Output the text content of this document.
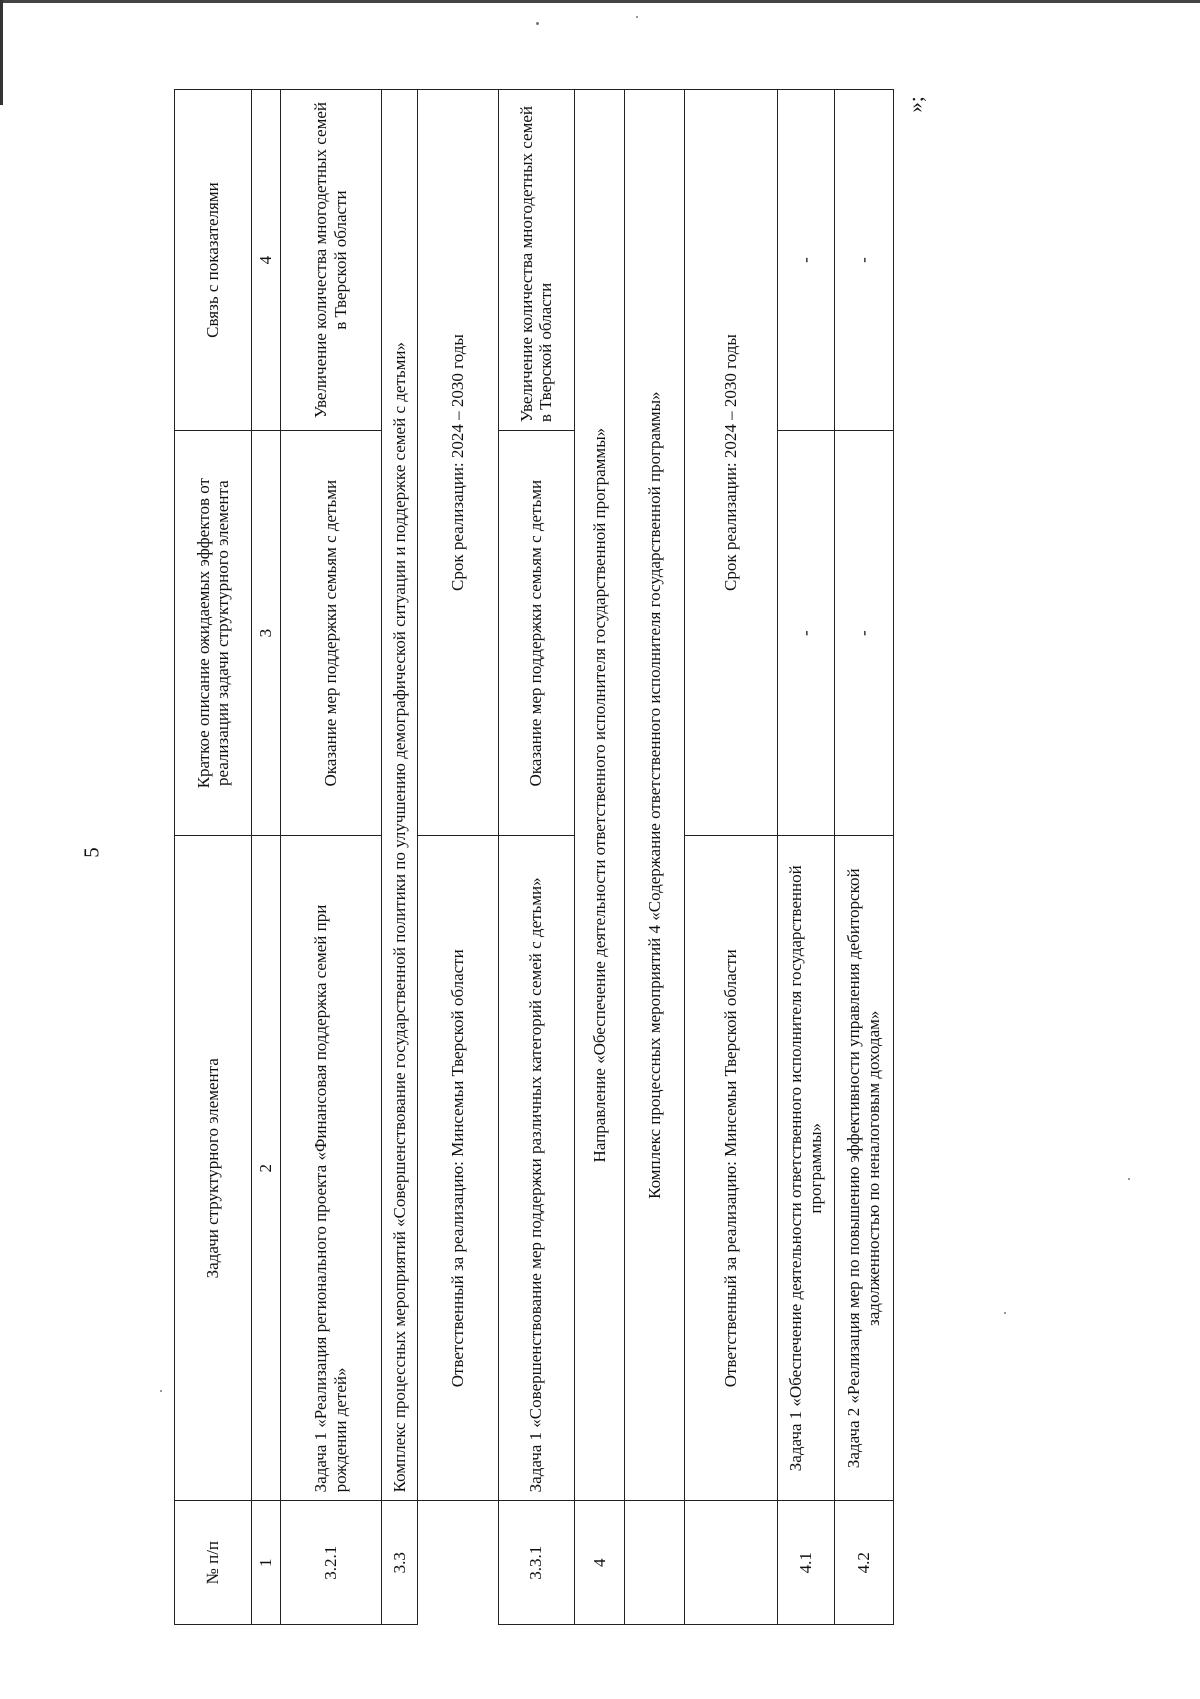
5
№ п/п	Задачи структурного элемента	Краткое описание ожидаемых эффектов от реализации задачи структурного элемента	Связь с показателями
1	2	3	4
3.2.1	Задача 1 «Реализация регионального проекта «Финансовая поддержка семей при рождении детей»	Оказание мер поддержки семьям с детьми	Увеличение количества многодетных семей в Тверской области
3.3	Комплекс процессных мероприятий «Совершенствование государственной политики по улучшению демографической ситуации и поддержке семей с детьми»		
	Ответственный за реализацию: Минсемьи Тверской области	Срок реализации: 2024 – 2030 годы	
3.3.1	Задача 1 «Совершенствование мер поддержки различных категорий семей с детьми»	Оказание мер поддержки семьям с детьми	Увеличение количества многодетных семей в Тверской области
4	Направление «Обеспечение деятельности ответственного исполнителя государственной программы»		
	Комплекс процессных мероприятий 4 «Содержание ответственного исполнителя государственной программы»		
	Ответственный за реализацию: Минсемьи Тверской области	Срок реализации: 2024 – 2030 годы	
4.1	Задача 1 «Обеспечение деятельности ответственного исполнителя государственной программы»	-	-
4.2	Задача 2 «Реализация мер по повышению эффективности управления дебиторской задолженностью по неналоговым доходам»	-	-
»;
